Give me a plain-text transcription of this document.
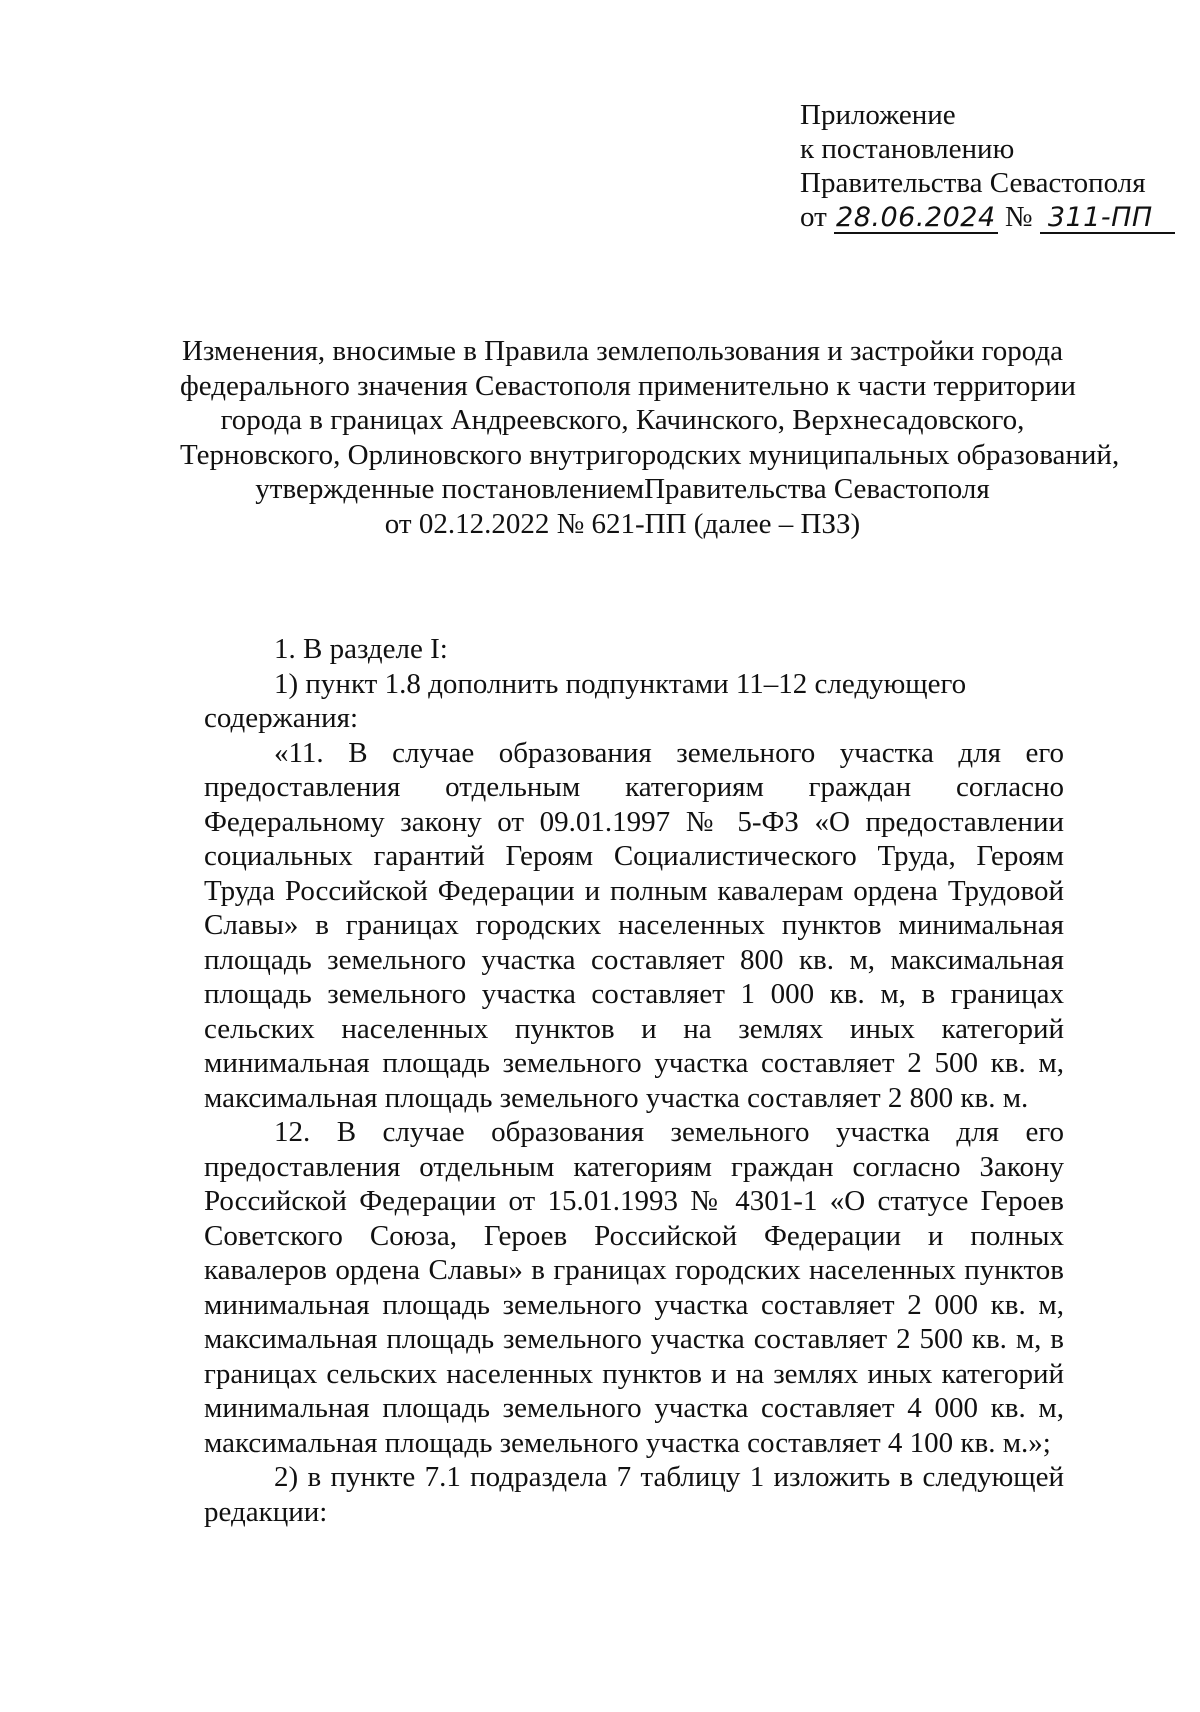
Приложение
к постановлению
Правительства Севастополя
от 28.06.2024 № 311-ПП
Изменения, вносимые в Правила землепользования и застройки города
федерального значения Севастополя применительно к части территории
города в границах Андреевского, Качинского, Верхнесадовского,
Терновского, Орлиновского внутригородских муниципальных образований,
утвержденные постановлениемПравительства Севастополя
от 02.12.2022 № 621-ПП (далее – ПЗЗ)

1. В разделе I:

1) пункт 1.8 дополнить подпунктами 11–12 следующего содержания:

«11. В случае образования земельного участка для его предоставления отдельным категориям граждан согласно Федеральному закону от 09.01.1997 № 5-ФЗ «О предоставлении социальных гарантий Героям Социалистического Труда, Героям Труда Российской Федерации и полным кавалерам ордена Трудовой Славы» в границах городских населенных пунктов минимальная площадь земельного участка составляет 800 кв. м, максимальная площадь земельного участка составляет 1 000 кв. м, в границах сельских населенных пунктов и на землях иных категорий минимальная площадь земельного участка составляет 2 500 кв. м, максимальная площадь земельного участка составляет 2 800 кв. м.

12. В случае образования земельного участка для его предоставления отдельным категориям граждан согласно Закону Российской Федерации от 15.01.1993 № 4301-1 «О статусе Героев Советского Союза, Героев Российской Федерации и полных кавалеров ордена Славы» в границах городских населенных пунктов минимальная площадь земельного участка составляет 2 000 кв. м, максимальная площадь земельного участка составляет 2 500 кв. м, в границах сельских населенных пунктов и на землях иных категорий минимальная площадь земельного участка составляет 4 000 кв. м, максимальная площадь земельного участка составляет 4 100 кв. м.»;

2) в пункте 7.1 подраздела 7 таблицу 1 изложить в следующей редакции:
